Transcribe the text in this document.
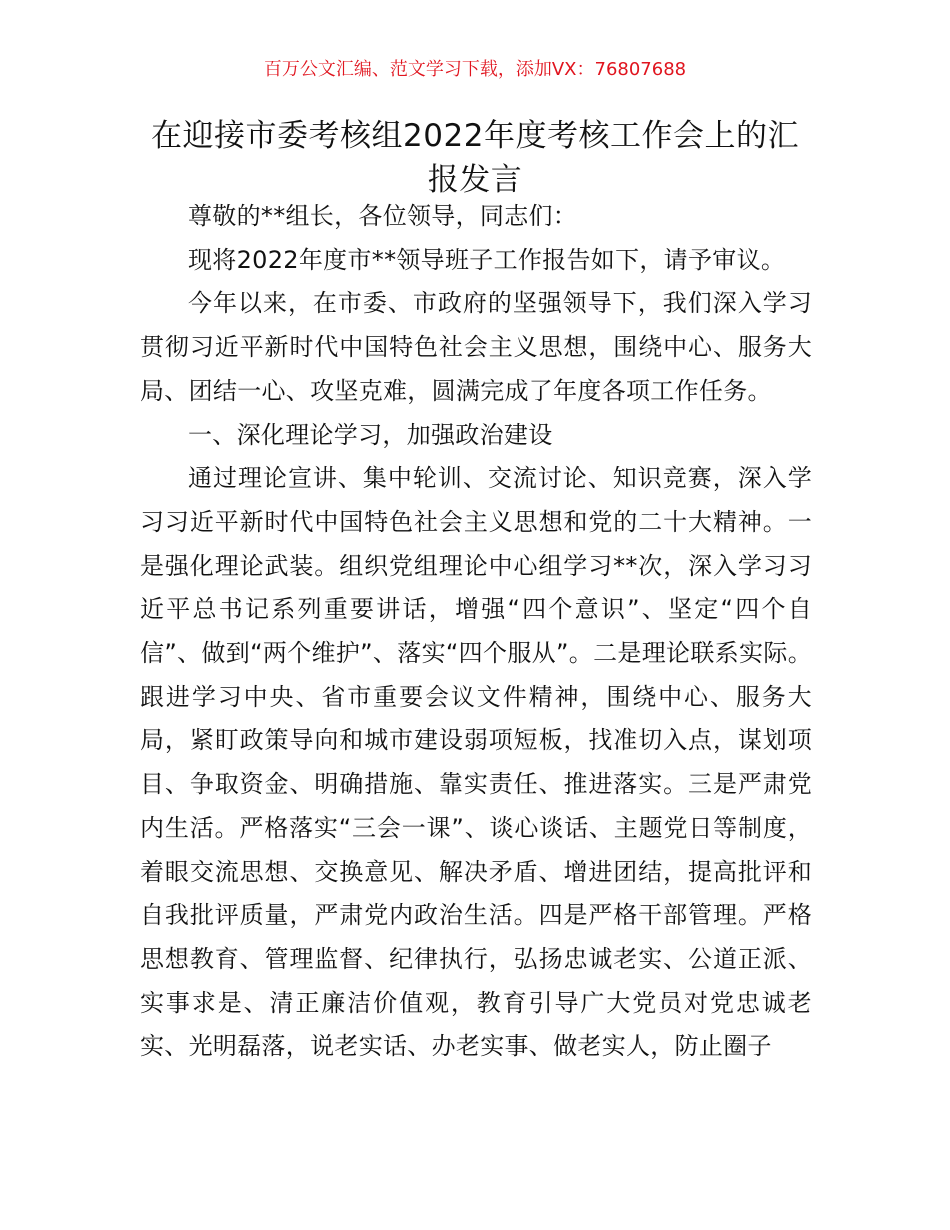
百万公文汇编、范文学习下载，添加VX：76807688
在迎接市委考核组2022年度考核工作会上的汇报发言

尊敬的**组长，各位领导，同志们：

现将2022年度市**领导班子工作报告如下，请予审议。

今年以来，在市委、市政府的坚强领导下，我们深入学习贯彻习近平新时代中国特色社会主义思想，围绕中心、服务大局、团结一心、攻坚克难，圆满完成了年度各项工作任务。

一、深化理论学习，加强政治建设

通过理论宣讲、集中轮训、交流讨论、知识竞赛，深入学习习近平新时代中国特色社会主义思想和党的二十大精神。一是强化理论武装。组织党组理论中心组学习**次，深入学习习近平总书记系列重要讲话，增强“四个意识”、坚定“四个自信”、做到“两个维护”、落实“四个服从”。二是理论联系实际。跟进学习中央、省市重要会议文件精神，围绕中心、服务大局，紧盯政策导向和城市建设弱项短板，找准切入点，谋划项目、争取资金、明确措施、靠实责任、推进落实。三是严肃党内生活。严格落实“三会一课”、谈心谈话、主题党日等制度，着眼交流思想、交换意见、解决矛盾、增进团结，提高批评和自我批评质量，严肃党内政治生活。四是严格干部管理。严格思想教育、管理监督、纪律执行，弘扬忠诚老实、公道正派、实事求是、清正廉洁价值观，教育引导广大党员对党忠诚老实、光明磊落，说老实话、办老实事、做老实人，防止圈子
